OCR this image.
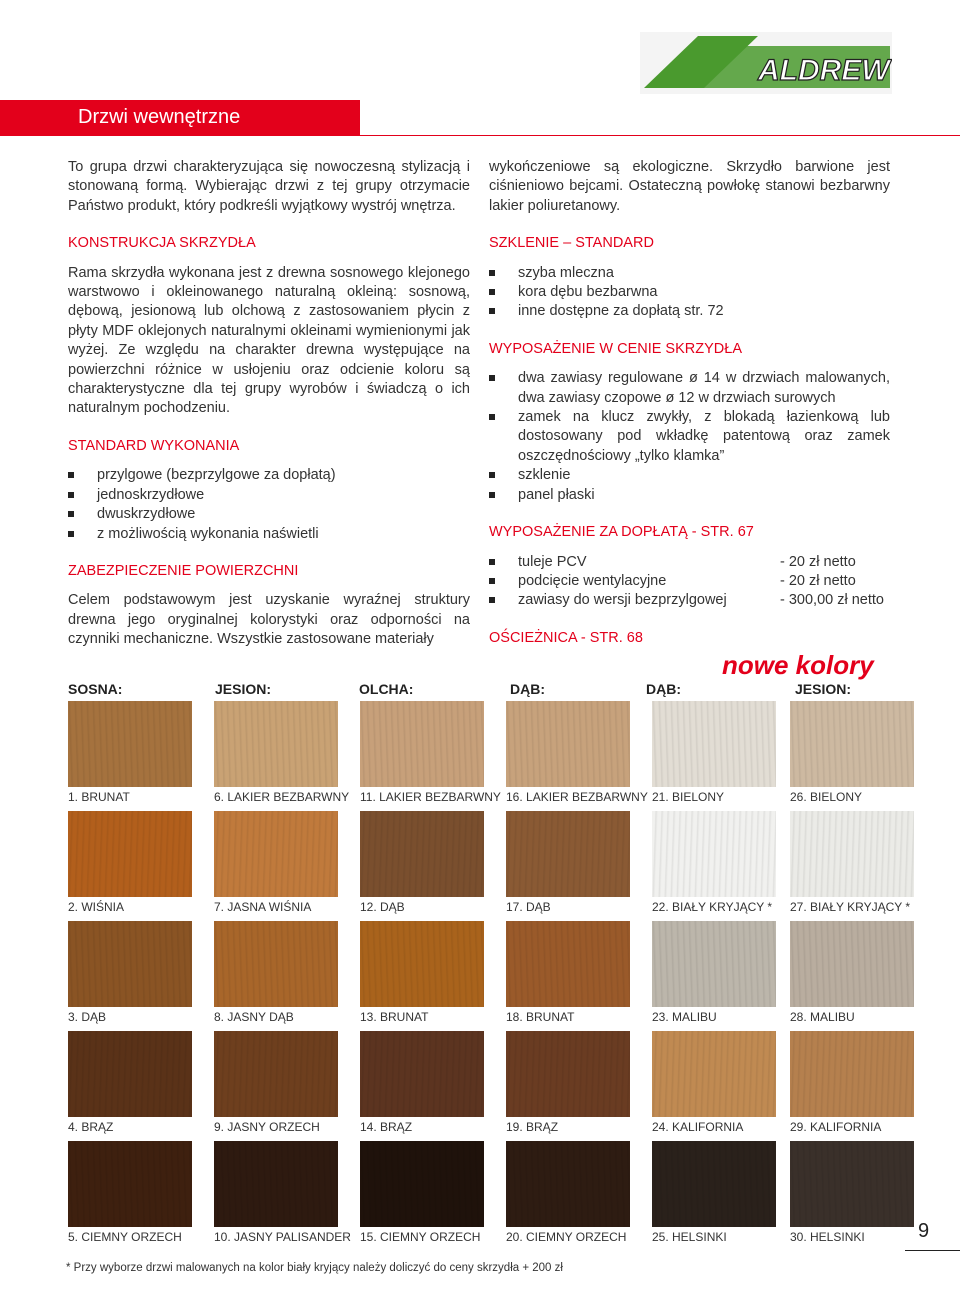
ALDREW
Drzwi wewnętrzne

To grupa drzwi charakteryzująca się nowoczesną stylizacją i stonowaną formą. Wybierając drzwi z tej grupy otrzymacie Państwo produkt, który podkreśli wyjątkowy wystrój wnętrza.

KONSTRUKCJA SKRZYDŁA

Rama skrzydła wykonana jest z drewna sosnowego klejonego warstwowo i okleinowanego naturalną okleiną: sosnową, dębową, jesionową lub olchową z zastosowaniem płycin z płyty MDF oklejonych naturalnymi okleinami wymienionymi jak wyżej. Ze względu na charakter drewna występujące na powierzchni różnice w usłojeniu oraz odcienie koloru są charakterystyczne dla tej grupy wyrobów i świadczą o ich naturalnym pochodzeniu.

STANDARD WYKONANIA
przylgowe (bezprzylgowe za dopłatą)
jednoskrzydłowe
dwuskrzydłowe
z możliwością wykonania naświetli
ZABEZPIECZENIE POWIERZCHNI

Celem podstawowym jest uzyskanie wyraźnej struktury drewna jego oryginalnej kolorystyki oraz odporności na czynniki mechaniczne. Wszystkie zastosowane materiały

wykończeniowe są ekologiczne. Skrzydło barwione jest ciśnieniowo bejcami. Ostateczną powłokę stanowi bezbarwny lakier poliuretanowy.

SZKLENIE – STANDARD
szyba mleczna
kora dębu bezbarwna
inne dostępne za dopłatą str. 72
WYPOSAŻENIE W CENIE SKRZYDŁA
dwa zawiasy regulowane ø 14 w drzwiach malowanych, dwa zawiasy czopowe ø 12 w drzwiach surowych
zamek na klucz zwykły, z blokadą łazienkową lub dostosowany pod wkładkę patentową oraz zamek oszczędnościowy „tylko klamka”
szklenie
panel płaski
WYPOSAŻENIE ZA DOPŁATĄ - STR. 67
tuleje PCV	- 20 zł netto
podcięcie wentylacyjne	- 20 zł netto
zawiasy do wersji bezprzylgowej	- 300,00 zł netto
OŚCIEŻNICA - STR. 68
nowe kolory
SOSNA:	JESION:	OLCHA:	DĄB:	DĄB:	JESION:
1. BRUNAT	6. LAKIER BEZBARWNY 11. LAKIER BEZBARWNY 16. LAKIER BEZBARWNY 21. BIELONY	26. BIELONY
2. WIŚNIA	7. JASNA WIŚNIA	12. DĄB	17. DĄB	22. BIAŁY KRYJĄCY * 27. BIAŁY KRYJĄCY *
3. DĄB	8. JASNY DĄB	13. BRUNAT	18. BRUNAT	23. MALIBU	28. MALIBU
4. BRĄZ	9. JASNY ORZECH	14. BRĄZ	19. BRĄZ	24. KALIFORNIA	29. KALIFORNIA
5. CIEMNY ORZECH	10. JASNY PALISANDER 15. CIEMNY ORZECH 20. CIEMNY ORZECH 25. HELSINKI	30. HELSINKI
* Przy wyborze drzwi malowanych na kolor biały kryjący należy doliczyć do ceny skrzydła + 200 zł
9
